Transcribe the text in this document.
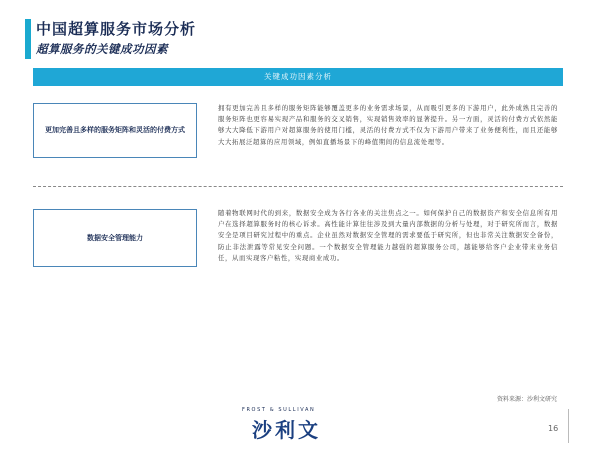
中国超算服务市场分析
超算服务的关键成功因素
关键成功因素分析
更加完善且多样的服务矩阵和灵活的付费方式
拥有更加完善且多样的服务矩阵能够覆盖更多的业务需求场景，从而吸引更多的下游用户，此外成熟且完善的服务矩阵也更容易实现产品和服务的交叉销售，实现销售效率的显著提升。另一方面，灵活的付费方式依然能够大大降低下游用户对超算服务的使用门槛，灵活的付费方式不仅为下游用户带来了业务便利性，而且还能够大大拓展泛超算的应用领域，例如直播场景下的峰值期间的信息流处理等。
数据安全管理能力
随着物联网时代的到来，数据安全成为各行各业的关注焦点之一。如何保护自己的数据资产和安全信息所有用户在选择超算服务时的核心诉求。高性能计算往往涉及到大量内部数据的分析与处理，对于研究所而言，数据安全是项目研究过程中的重点。企业虽然对数据安全管理的需求要低于研究所，但也非常关注数据安全备份，防止非法泄露等常见安全问题。一个数据安全管理能力越强的超算服务公司，越能够给客户企业带来业务信任，从而实现客户粘性，实现商业成功。
资料来源：沙利文研究
FROST & SULLIVAN
沙利文	16
